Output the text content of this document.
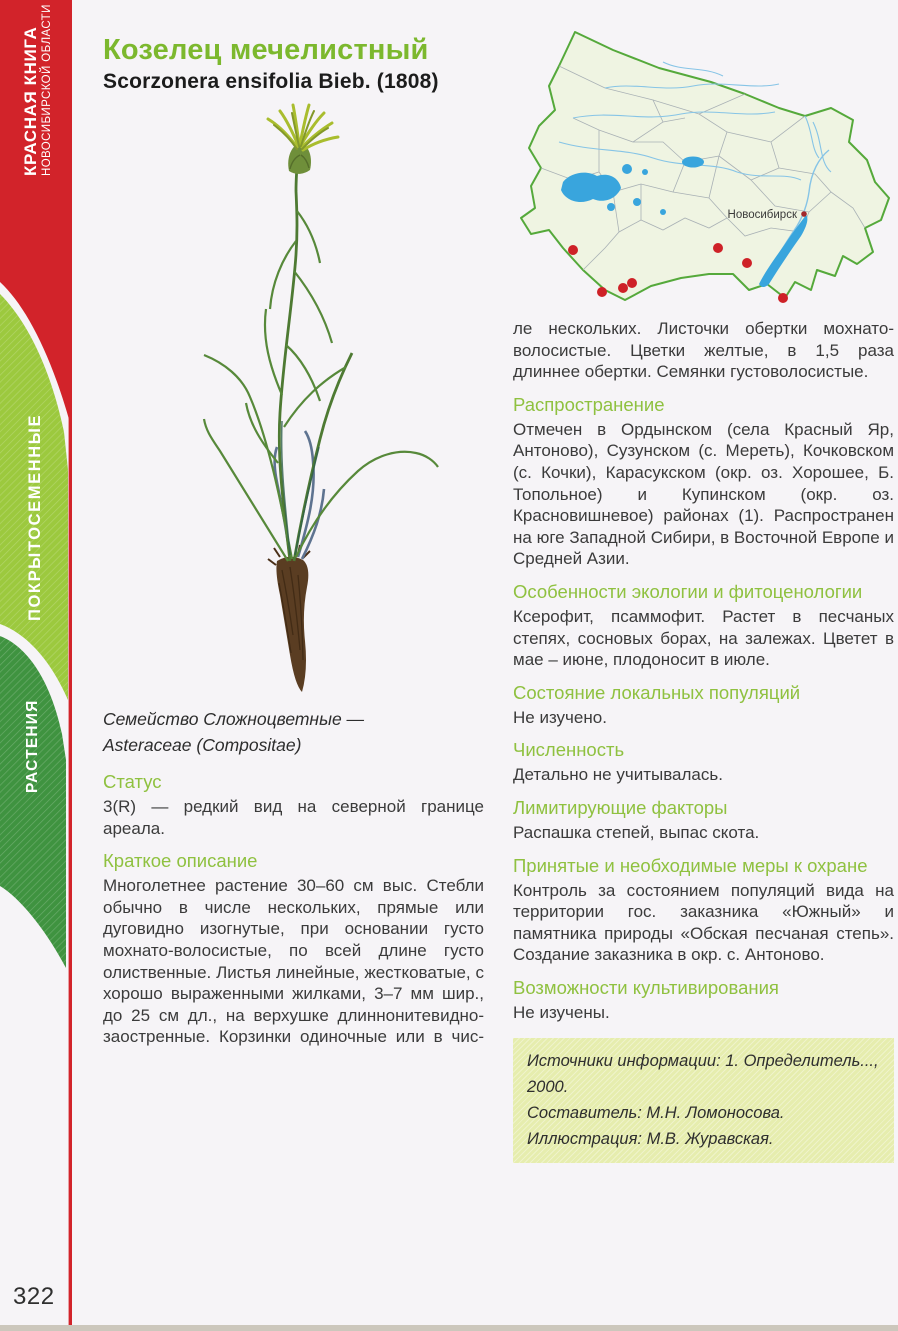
КРАСНАЯ КНИГА НОВОСИБИРСКОЙ ОБЛАСТИ
ПОКРЫТОСЕМЕННЫЕ
РАСТЕНИЯ
Козелец мечелистный
Scorzonera ensifolia Bieb. (1808)
Новосибирск
Семейство Сложноцветные —
Asteraceae (Compositae)
Статус

3(R) — редкий вид на северной границе ареала.

Краткое описание

Многолетнее растение 30–60 см выс. Стебли обычно в числе нескольких, прямые или дуговидно изогнутые, при основании густо мохнато-волосистые, по всей длине густо олиственные. Листья линейные, жестковатые, с хорошо выраженными жилками, 3–7 мм шир., до 25 см дл., на верхушке длиннонитевидно-заостренные. Корзинки одиночные или в чис-

ле нескольких. Листочки обертки мохнато-волосистые. Цветки желтые, в 1,5 раза длиннее обертки. Семянки густоволосистые.

Распространение

Отмечен в Ордынском (села Красный Яр, Антоново), Сузунском (с. Мереть), Кочковском (с. Кочки), Карасукском (окр. оз. Хорошее, Б. Топольное) и Купинском (окр. оз. Красновишневое) районах (1). Распространен на юге Западной Сибири, в Восточной Европе и Средней Азии.

Особенности экологии и фитоценологии

Ксерофит, псаммофит. Растет в песчаных степях, сосновых борах, на залежах. Цветет в мае – июне, плодоносит в июле.

Состояние локальных популяций

Не изучено.

Численность

Детально не учитывалась.

Лимитирующие факторы

Распашка степей, выпас скота.

Принятые и необходимые меры к охране

Контроль за состоянием популяций вида на территории гос. заказника «Южный» и памятника природы «Обская песчаная степь». Создание заказника в окр. с. Антоново.

Возможности культивирования

Не изучены.

Источники информации: 1. Определитель..., 2000.
Составитель: М.Н. Ломоносова.
Иллюстрация: М.В. Журавская.
322
